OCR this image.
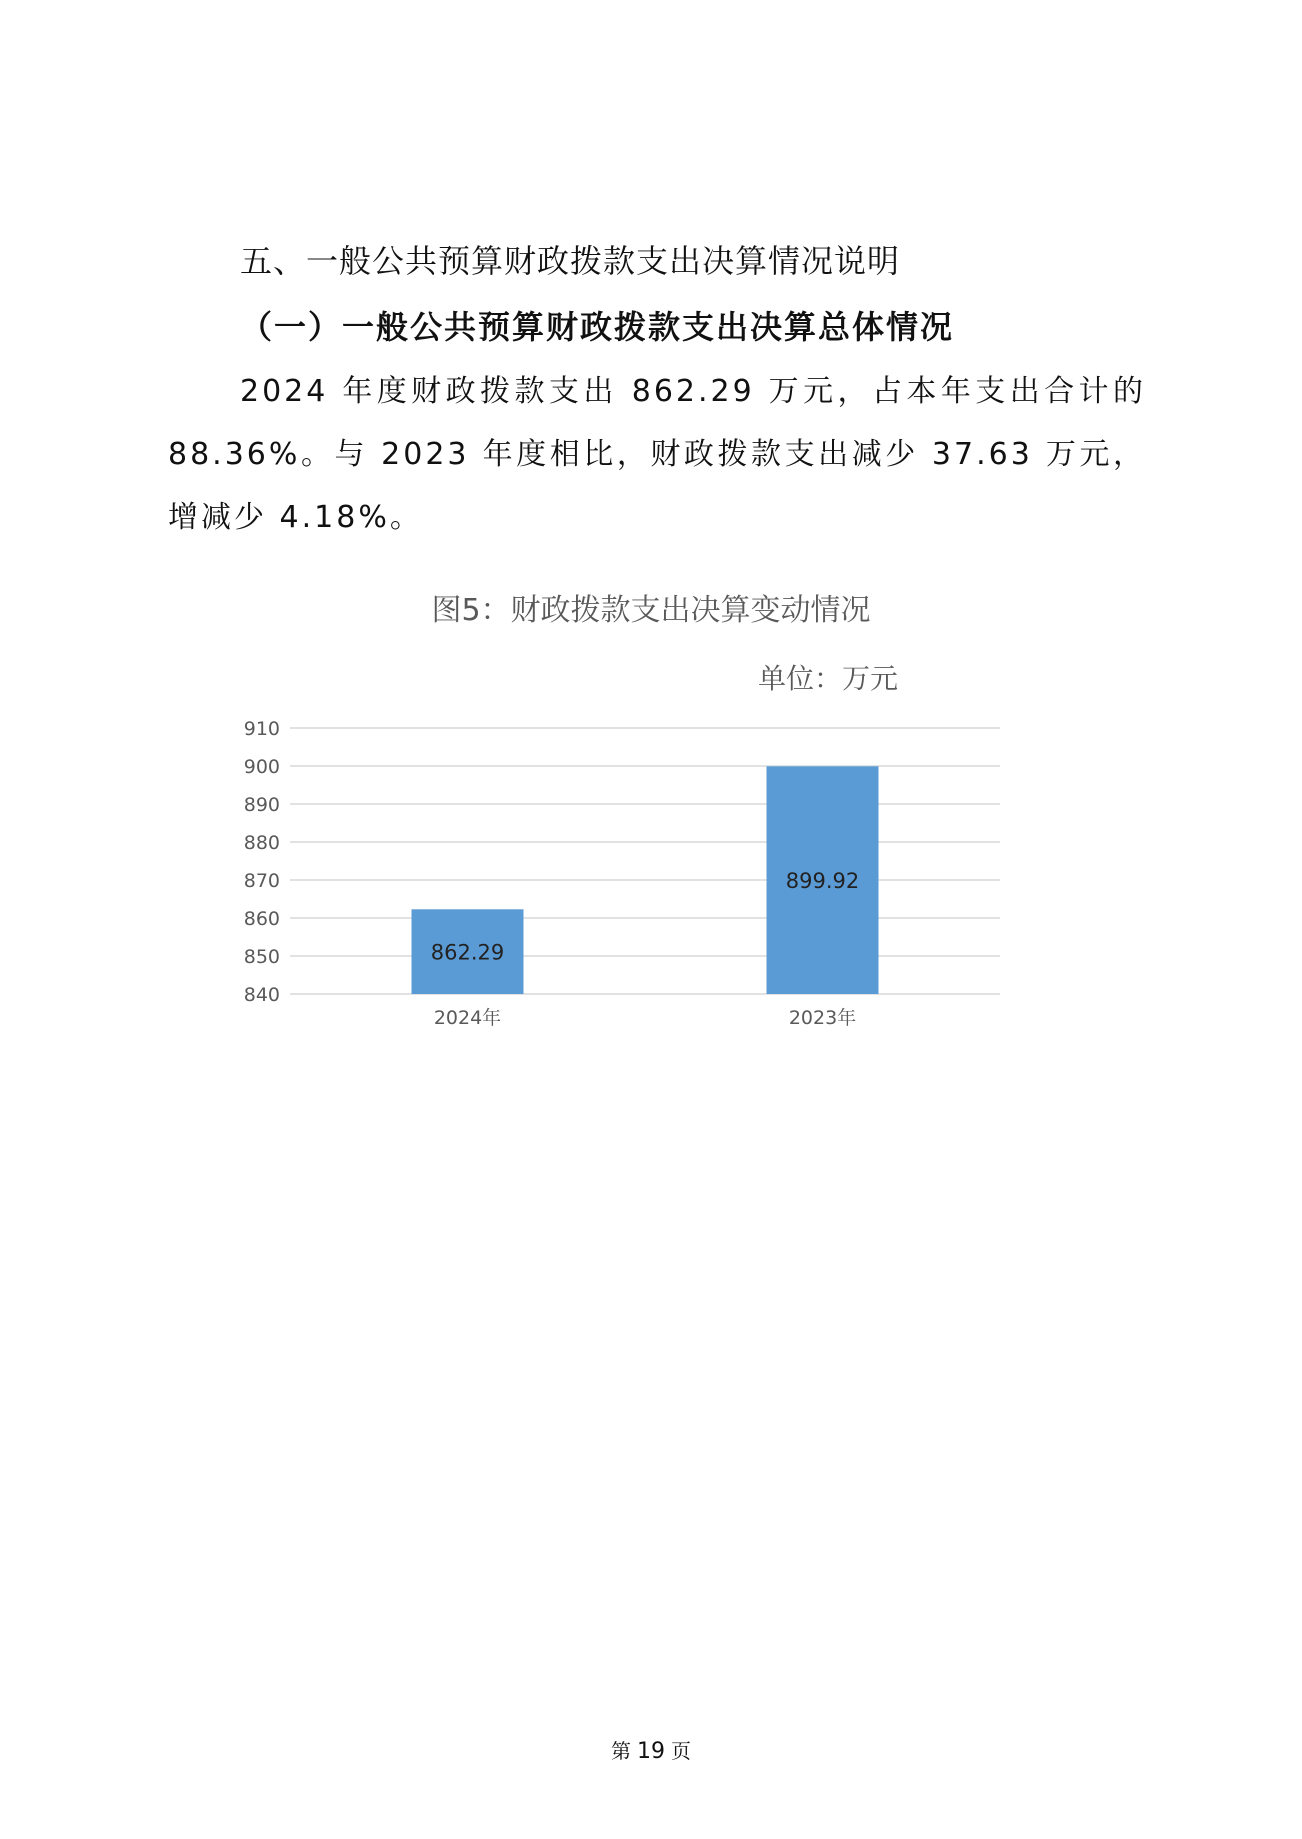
五、一般公共预算财政拨款支出决算情况说明
（一）一般公共预算财政拨款支出决算总体情况

2024 年度财政拨款支出 862.29 万元，占本年支出合计的 88.36%。与 2023 年度相比，财政拨款支出减少 37.63 万元，增减少 4.18%。

图5：财政拨款支出决算变动情况
单位：万元
840
850
860
870
880
890
900
910
862.29
899.92
2024年	2023年
第 19 页
